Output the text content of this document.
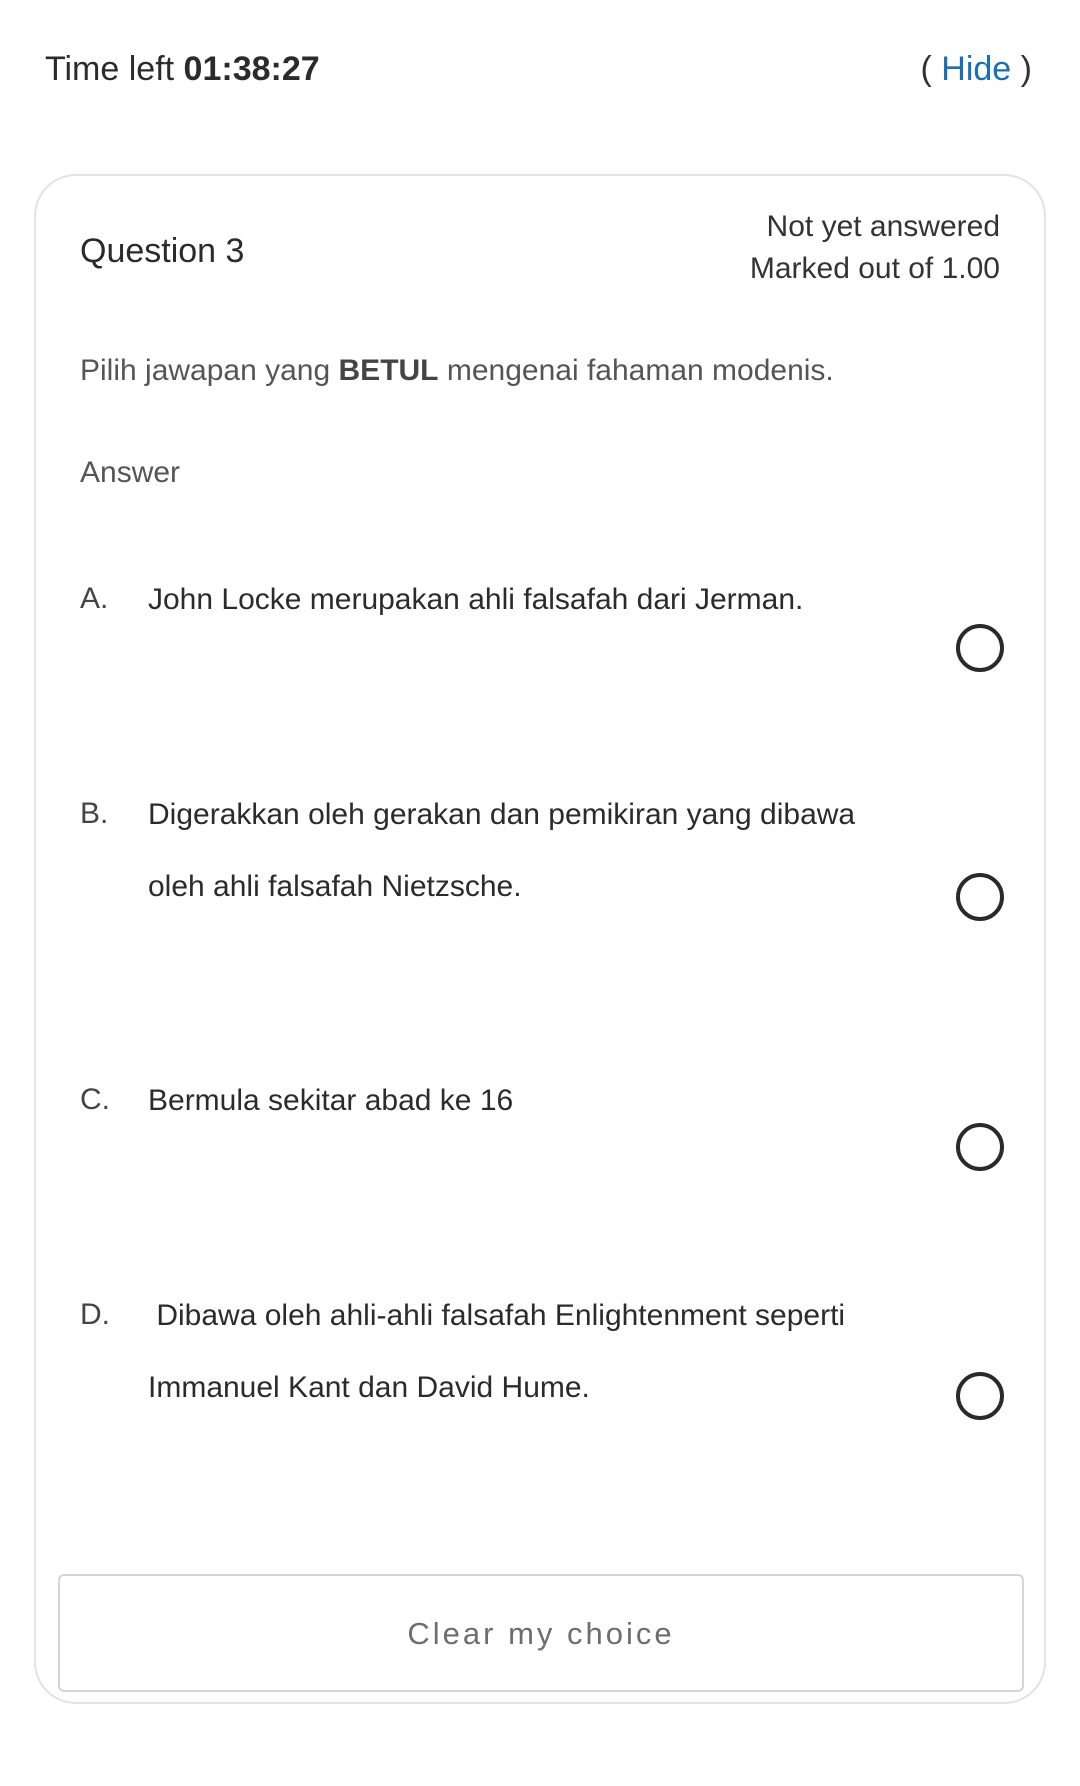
Time left 01:38:27	( Hide )
Question 3
Not yet answered
Marked out of 1.00
Pilih jawapan yang BETUL mengenai fahaman modenis.
Answer
A. John Locke merupakan ahli falsafah dari Jerman.
B. Digerakkan oleh gerakan dan pemikiran yang dibawa oleh ahli falsafah Nietzsche.
C. Bermula sekitar abad ke 16
D. Dibawa oleh ahli-ahli falsafah Enlightenment seperti Immanuel Kant dan David Hume.
Clear my choice
